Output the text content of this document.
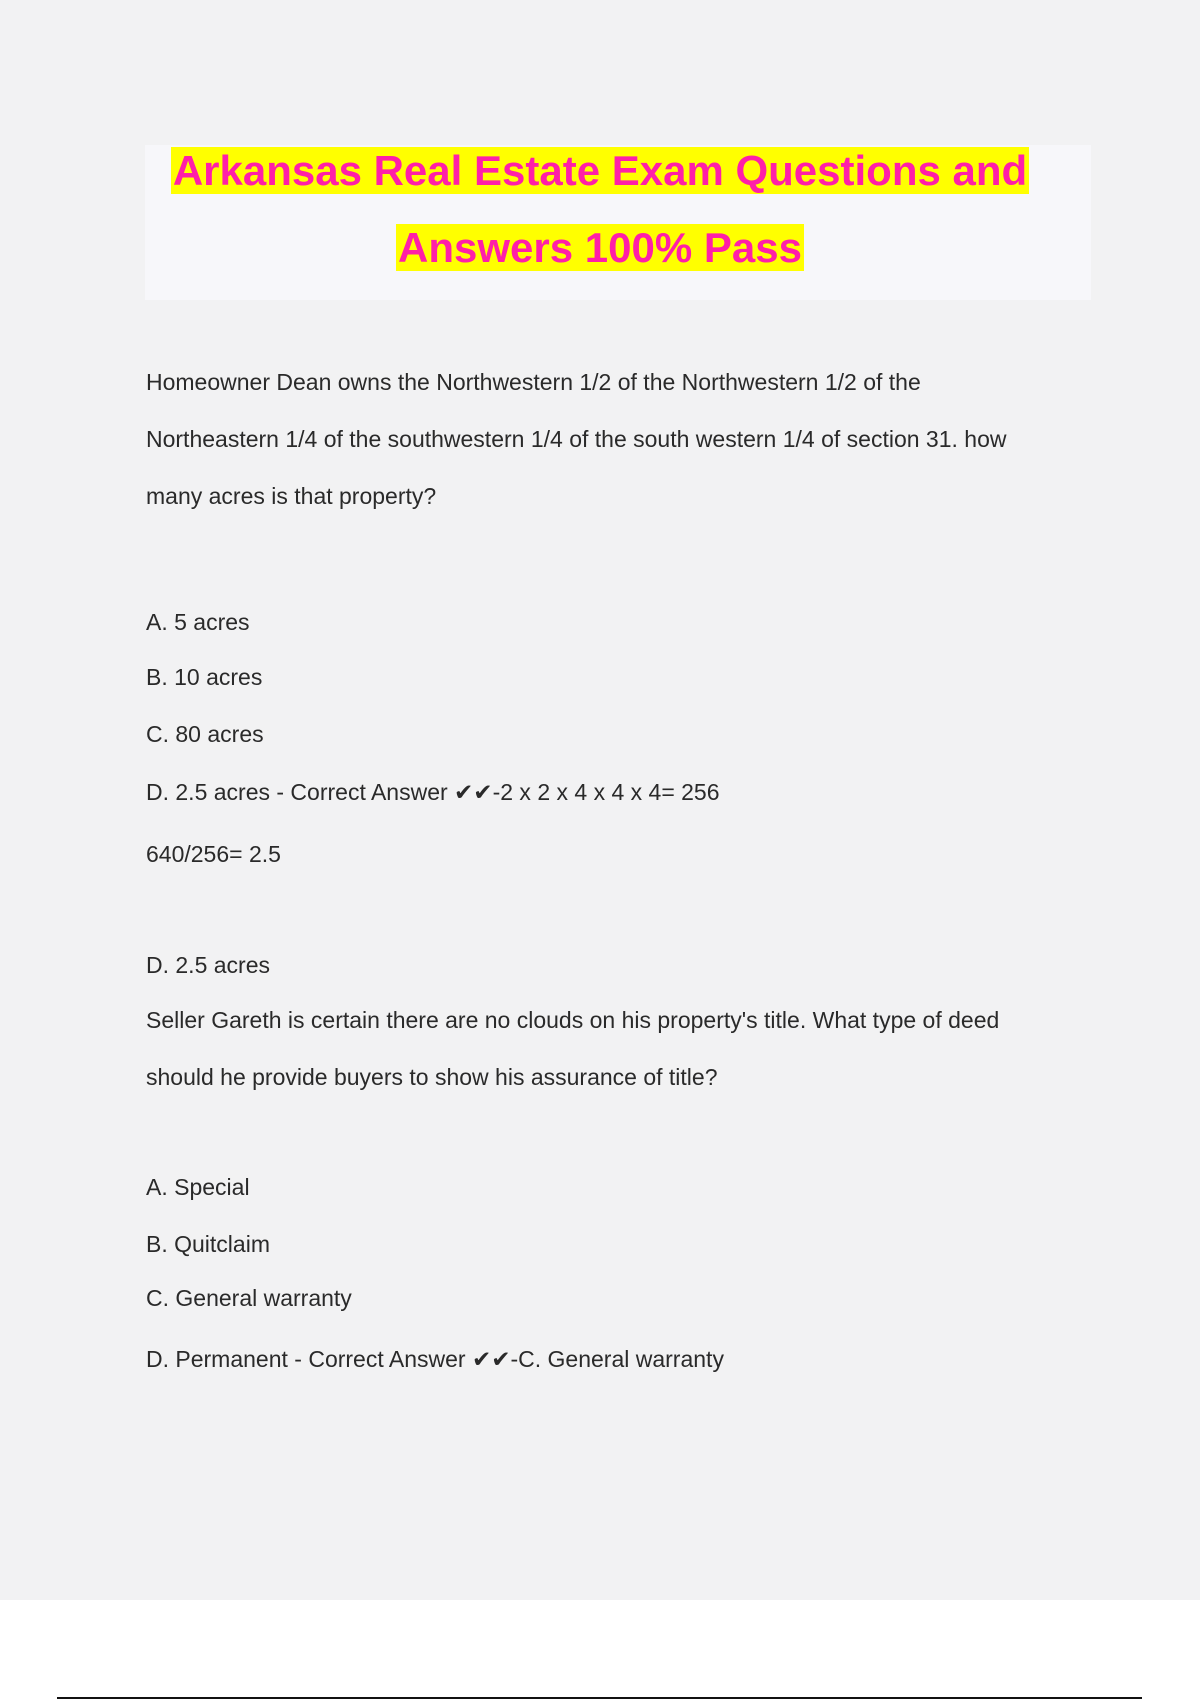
Arkansas Real Estate Exam Questions and
Answers 100% Pass
Homeowner Dean owns the Northwestern 1/2 of the Northwestern 1/2 of the
Northeastern 1/4 of the southwestern 1/4 of the south western 1/4 of section 31. how
many acres is that property?
A. 5 acres
B. 10 acres
C. 80 acres
D. 2.5 acres - Correct Answer ✔✔-2 x 2 x 4 x 4 x 4= 256
640/256= 2.5
D. 2.5 acres
Seller Gareth is certain there are no clouds on his property's title. What type of deed
should he provide buyers to show his assurance of title?
A. Special
B. Quitclaim
C. General warranty
D. Permanent - Correct Answer ✔✔-C. General warranty
